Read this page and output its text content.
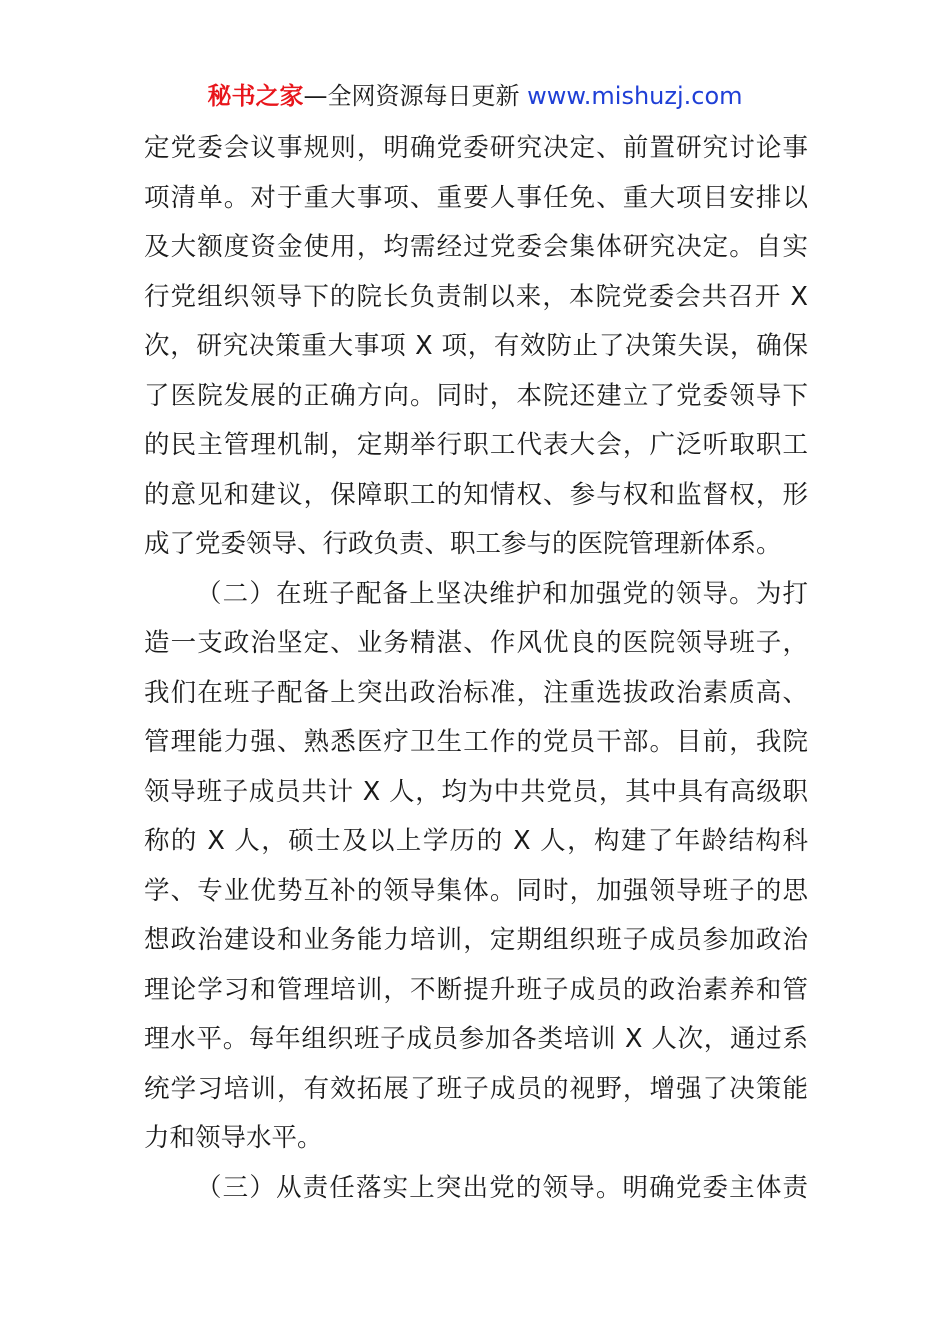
秘书之家—全网资源每日更新 www.mishuzj.com
定党委会议事规则，明确党委研究决定、前置研究讨论事
项清单。对于重大事项、重要人事任免、重大项目安排以
及大额度资金使用，均需经过党委会集体研究决定。自实
行党组织领导下的院长负责制以来，本院党委会共召开 X
次，研究决策重大事项 X 项，有效防止了决策失误，确保
了医院发展的正确方向。同时，本院还建立了党委领导下
的民主管理机制，定期举行职工代表大会，广泛听取职工
的意见和建议，保障职工的知情权、参与权和监督权，形
成了党委领导、行政负责、职工参与的医院管理新体系。
（二）在班子配备上坚决维护和加强党的领导。为打
造一支政治坚定、业务精湛、作风优良的医院领导班子，
我们在班子配备上突出政治标准，注重选拔政治素质高、
管理能力强、熟悉医疗卫生工作的党员干部。目前，我院
领导班子成员共计 X 人，均为中共党员，其中具有高级职
称的 X 人，硕士及以上学历的 X 人，构建了年龄结构科
学、专业优势互补的领导集体。同时，加强领导班子的思
想政治建设和业务能力培训，定期组织班子成员参加政治
理论学习和管理培训，不断提升班子成员的政治素养和管
理水平。每年组织班子成员参加各类培训 X 人次，通过系
统学习培训，有效拓展了班子成员的视野，增强了决策能
力和领导水平。
（三）从责任落实上突出党的领导。明确党委主体责
